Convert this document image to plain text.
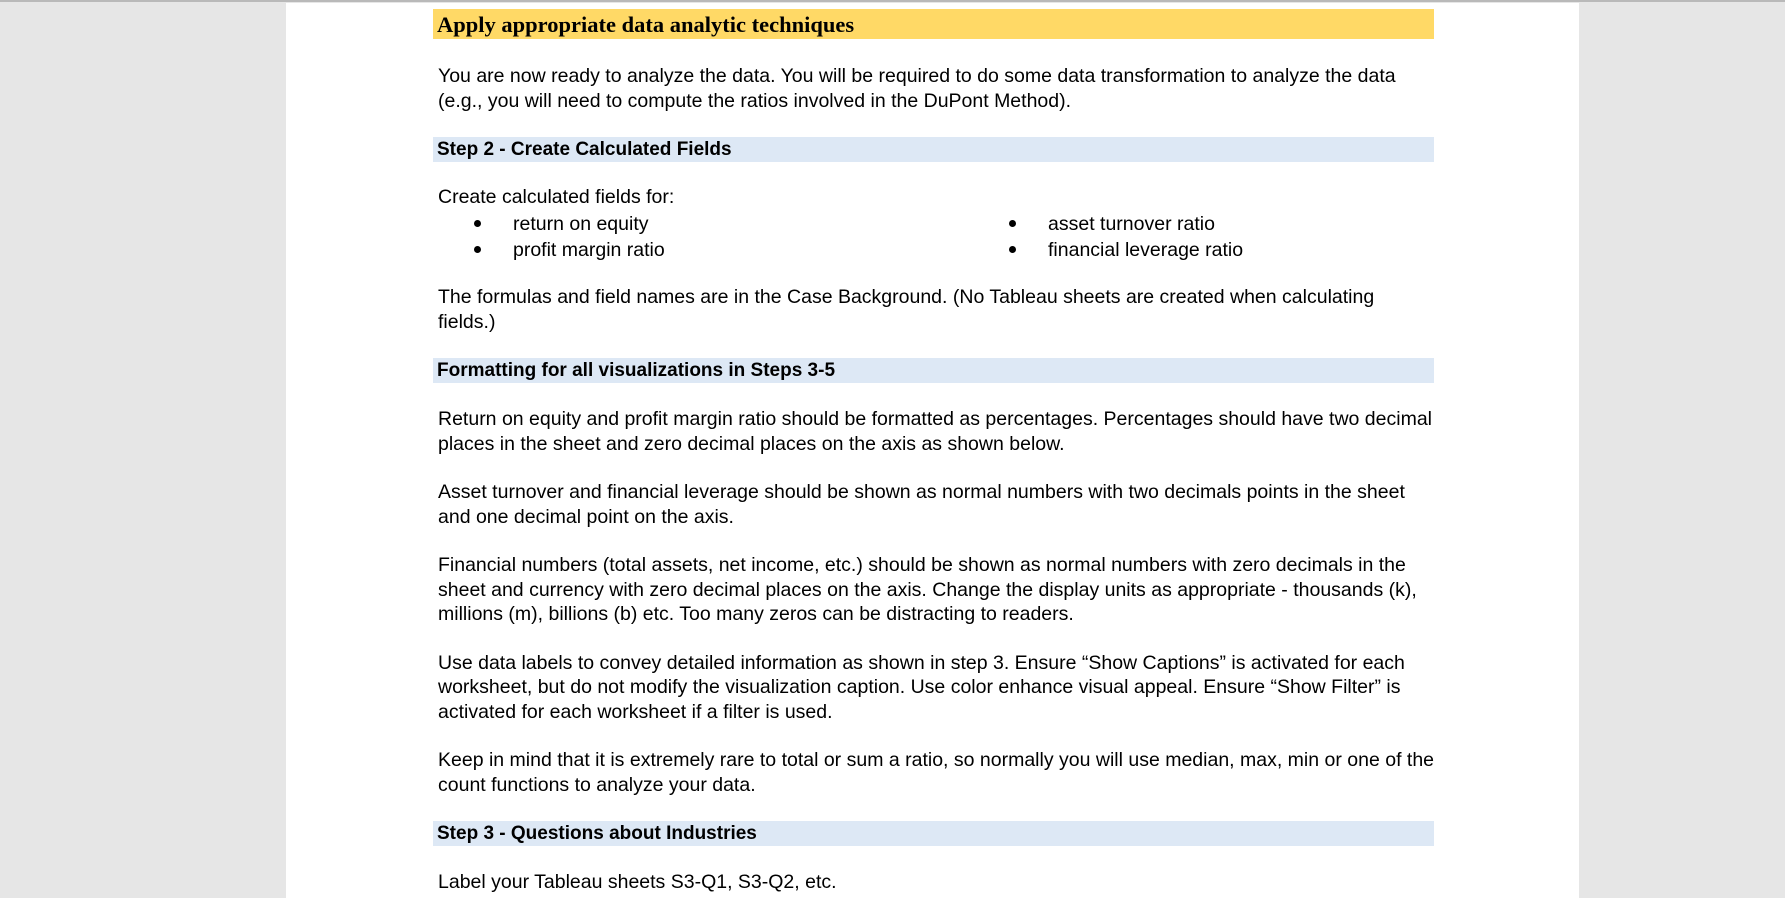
Apply appropriate data analytic techniques

You are now ready to analyze the data. You will be required to do some data transformation to analyze the data (e.g., you will need to compute the ratios involved in the DuPont Method).

Step 2 - Create Calculated Fields

Create calculated fields for:

return on equity
profit margin ratio
asset turnover ratio
financial leverage ratio

The formulas and field names are in the Case Background. (No Tableau sheets are created when calculating fields.)

Formatting for all visualizations in Steps 3-5

Return on equity and profit margin ratio should be formatted as percentages. Percentages should have two decimal places in the sheet and zero decimal places on the axis as shown below.

Asset turnover and financial leverage should be shown as normal numbers with two decimals points in the sheet and one decimal point on the axis.

Financial numbers (total assets, net income, etc.) should be shown as normal numbers with zero decimals in the sheet and currency with zero decimal places on the axis. Change the display units as appropriate - thousands (k), millions (m), billions (b) etc. Too many zeros can be distracting to readers.

Use data labels to convey detailed information as shown in step 3. Ensure “Show Captions” is activated for each worksheet, but do not modify the visualization caption. Use color enhance visual appeal. Ensure “Show Filter” is activated for each worksheet if a filter is used.

Keep in mind that it is extremely rare to total or sum a ratio, so normally you will use median, max, min or one of the count functions to analyze your data.

Step 3 - Questions about Industries

Label your Tableau sheets S3-Q1, S3-Q2, etc.
